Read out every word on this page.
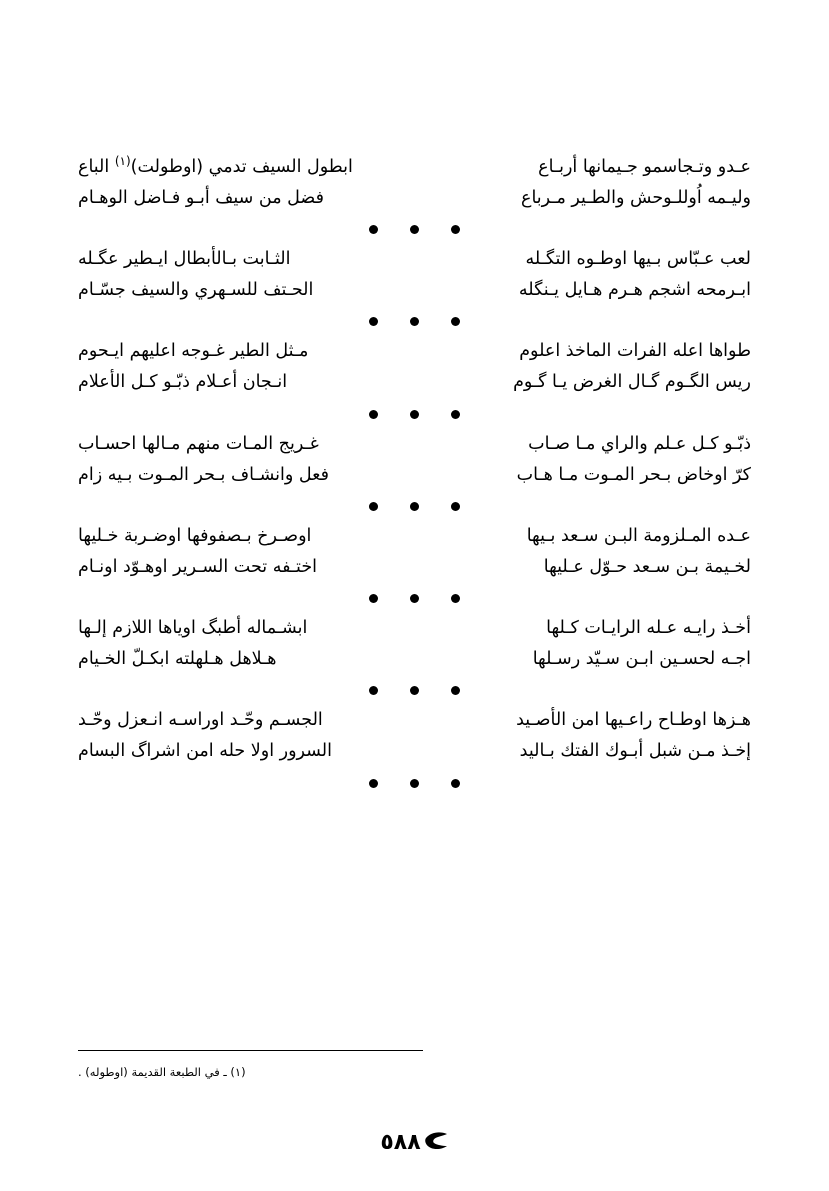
عـدو وتـجاسمو جـيمانها أربـاع
ابطول السيف تدمي (اوطولت)$^{(١)}$ الباع
وليـمه اُوللـوحش والطـير مـرباع
فضل من سيف أبـو فـاضل الوهـام
لعب عـبّاس بـيها اوطـوه التگـله
الثـابت بـالأبطال ايـطير عگـله
ابـرمحه اشجم هـرم هـايل يـنگله
الحـتف للسـهري والسيف جسّـام
طواها اعله الفرات الماخذ اعلوم
مـثل الطير غـوجه اعليهم ايـحوم
ريس الگـوم گـال الغرض يـا گـوم
انـجان أعـلام ذبّـو كـل الأعلام
ذبّـو كـل عـلم والراي مـا صـاب
غـريج المـات منهم مـالها احسـاب
كرّ اوخاض بـحر المـوت مـا هـاب
فعل وانشـاف بـحر المـوت بـيه زام
عـده المـلزومة البـن سـعد بـيها
اوصـرخ بـصفوفها اوضـربة خـليها
لخـيمة بـن سـعد حـوّل عـليها
اختـفه تحت السـرير اوهـوّد اونـام
أخـذ رايـه عـله الرايـات كـلها
ابشـماله أطبگ اوياها اللازم إلـها
اجـه لحسـين ابـن سـيّد رسـلها
هـلاهل هـلهلته ابكـلّ الخـيام
هـزها اوطـاح راعـيها امن الأصـيد
الجسـم وحّـد اوراسـه انـعزل وحّـد
إخـذ مـن شبل أبـوك الفتك بـاليد
السرور اولا حله امن اشراگ البسام
(١) ـ في الطبعة القديمة (اوطوله) .
٥٨٨
